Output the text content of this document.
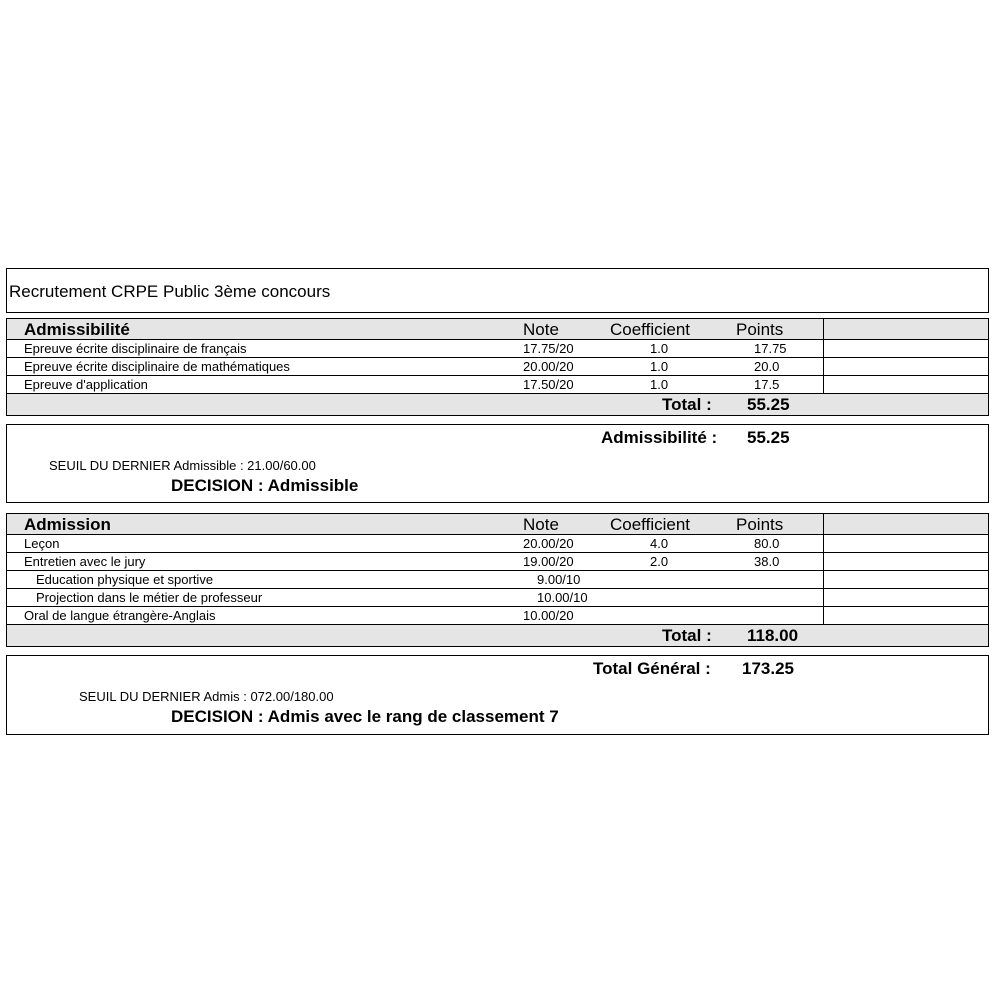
Recrutement CRPE Public 3ème concours
Admissibilité	Note	Coefficient	Points
Epreuve écrite disciplinaire de français	17.75/20	1.0	17.75
Epreuve écrite disciplinaire de mathématiques	20.00/20	1.0	20.0
Epreuve d'application	17.50/20	1.0	17.5
Total : 55.25
Admissibilité : 55.25
SEUIL DU DERNIER Admissible : 21.00/60.00
DECISION : Admissible
Admission	Note	Coefficient	Points
Leçon	20.00/20	4.0	80.0
Entretien avec le jury	19.00/20	2.0	38.0
Education physique et sportive	9.00/10
Projection dans le métier de professeur	10.00/10
Oral de langue étrangère-Anglais	10.00/20
Total : 118.00
Total Général : 173.25
SEUIL DU DERNIER Admis : 072.00/180.00
DECISION : Admis avec le rang de classement 7
